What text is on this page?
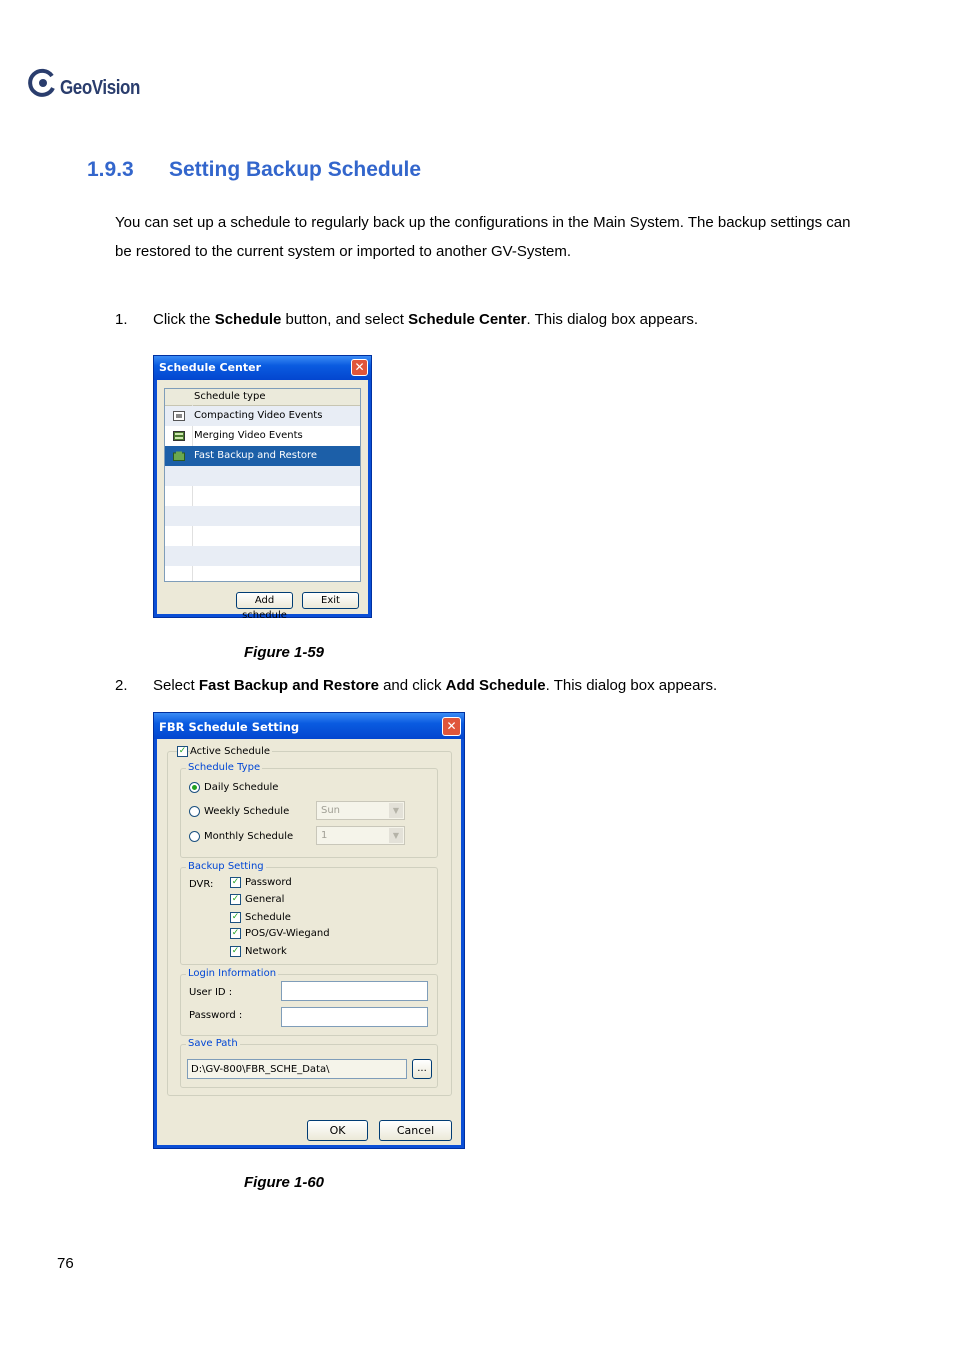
GeoVision
1.9.3 Setting Backup Schedule
You can set up a schedule to regularly back up the configurations in the Main System. The backup settings can be restored to the current system or imported to another GV-System.
1. Click the Schedule button, and select Schedule Center. This dialog box appears.
Schedule Center	✕
Schedule type
Compacting Video Events
Merging Video Events
Fast Backup and Restore
Add schedule
Exit
Figure 1-59
2. Select Fast Backup and Restore and click Add Schedule. This dialog box appears.
FBR Schedule Setting	✕
✓ Active Schedule
Schedule Type
Daily Schedule
Weekly Schedule	Sun	▼
Monthly Schedule	1	▼
Backup Setting
DVR: ✓ Password
✓ General
✓ Schedule
✓ POS/GV-Wiegand
✓ Network
Login Information
User ID :
Password :
Save Path
D:\GV-800\FBR_SCHE_Data\	...
OK	Cancel
Figure 1-60
76
